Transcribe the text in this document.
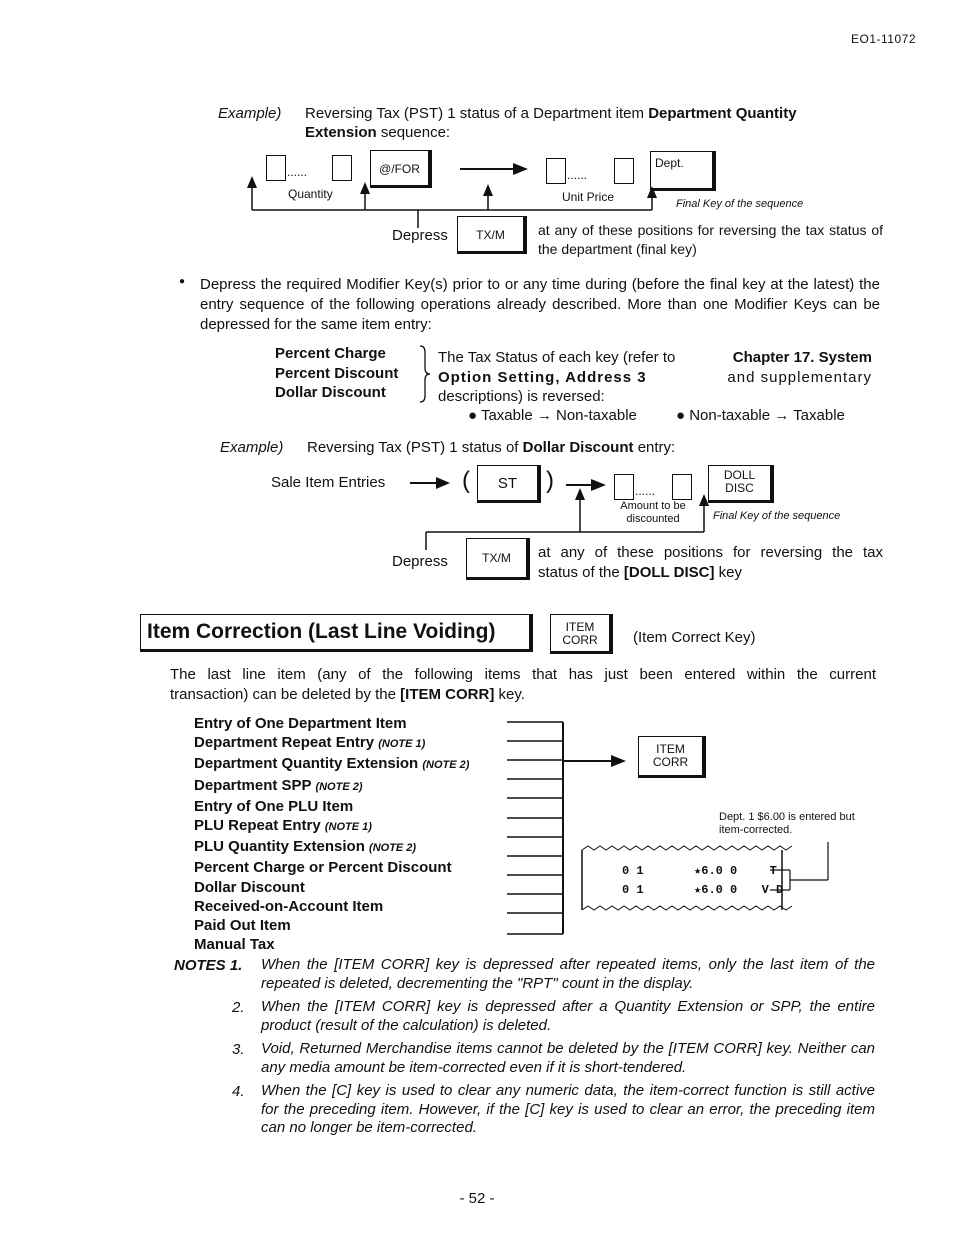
EO1-11072
Example) Reversing Tax (PST) 1 status of a Department item Department Quantity
Extension sequence:
......
Quantity
@/FOR	......
Unit Price
Dept.
Final Key of the sequence
Depress	TX/M	at any of these positions for reversing the tax status of the department (final key)
● Depress the required Modifier Key(s) prior to or any time during (before the final key at the latest) the entry sequence of the following operations already described. More than one Modifier Keys can be depressed for the same item entry:
Percent Charge
Percent Discount
Dollar Discount
The Tax Status of each key (refer to	Chapter 17. System
Option Setting, Address 3	and supplementary
descriptions) is reversed:
● Taxable → Non-taxable	● Non-taxable → Taxable
Example) Reversing Tax (PST) 1 status of Dollar Discount entry:
Sale Item Entries	(	ST	)	......
Amount to be
discounted
DOLL
DISC
Final Key of the sequence
Depress	TX/M	at any of these positions for reversing the tax
status of the [DOLL DISC] key
Item Correction (Last Line Voiding)	ITEM
CORR	(Item Correct Key)
The last line item (any of the following items that has just been entered within the current
transaction) can be deleted by the [ITEM CORR] key.
Entry of One Department Item
Department Repeat Entry (NOTE 1)
Department Quantity Extension (NOTE 2)
Department SPP (NOTE 2)
Entry of One PLU Item
PLU Repeat Entry (NOTE 1)
PLU Quantity Extension (NOTE 2)
Percent Charge or Percent Discount
Dollar Discount
Received-on-Account Item
Paid Out Item
Manual Tax
ITEM
CORR
Dept. 1 $6.00 is entered but
item-corrected.
0 1	★6.0 0	T
0 1	★6.0 0 V D
NOTES 1. When the [ITEM CORR] key is depressed after repeated items, only the last item of the repeated is deleted, decrementing the "RPT" count in the display.
2. When the [ITEM CORR] key is depressed after a Quantity Extension or SPP, the entire product (result of the calculation) is deleted.
3. Void, Returned Merchandise items cannot be deleted by the [ITEM CORR] key. Neither can any media amount be item-corrected even if it is short-tendered.
4. When the [C] key is used to clear any numeric data, the item-correct function is still active for the preceding item. However, if the [C] key is used to clear an error, the preceding item can no longer be item-corrected.
- 52 -
